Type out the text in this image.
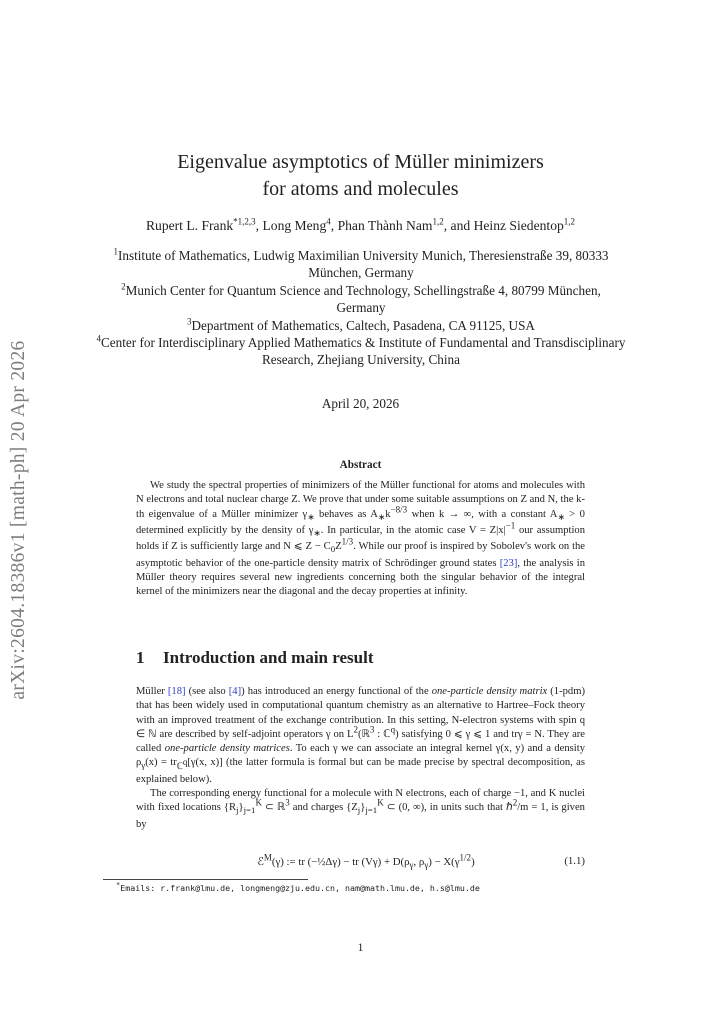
arXiv:2604.18386v1 [math-ph] 20 Apr 2026
Eigenvalue asymptotics of Müller minimizers
for atoms and molecules
Rupert L. Frank$^{*1,2,3}$, Long Meng$^4$, Phan Thành Nam$^{1,2}$, and Heinz Siedentop$^{1,2}$
$^1$Institute of Mathematics, Ludwig Maximilian University Munich, Theresienstraße 39, 80333 München, Germany
$^2$Munich Center for Quantum Science and Technology, Schellingstraße 4, 80799 München, Germany
$^3$Department of Mathematics, Caltech, Pasadena, CA 91125, USA
$^4$Center for Interdisciplinary Applied Mathematics & Institute of Fundamental and Transdisciplinary Research, Zhejiang University, China
April 20, 2026
Abstract
We study the spectral properties of minimizers of the Müller functional for atoms and molecules with N electrons and total nuclear charge Z. We prove that under some suitable assumptions on Z and N, the k-th eigenvalue of a Müller minimizer $\gamma_∗$ behaves as $A_∗k^{-8/3}$ when k → ∞, with a constant $A_∗ > 0$ determined explicitly by the density of $\gamma_∗$. In particular, in the atomic case $V = Z|x|^{-1}$ our assumption holds if Z is sufficiently large and N ⩽ $Z - C_0Z^{1/3}$. While our proof is inspired by Sobolev's work on the asymptotic behavior of the one-particle density matrix of Schrödinger ground states [23], the analysis in Müller theory requires several new ingredients concerning both the singular behavior of the integral kernel of the minimizers near the diagonal and the decay properties at infinity.
1 Introduction and main result

Müller [18] (see also [4]) has introduced an energy functional of the one-particle density matrix (1-pdm) that has been widely used in computational quantum chemistry as an alternative to Hartree–Fock theory with an improved treatment of the exchange contribution. In this setting, N-electron systems with spin q ∈ ℕ are described by self-adjoint operators γ on $L^2(ℝ^3$ : ℂ$^q$) satisfying 0 ⩽ γ ⩽ 1 and trγ = N. They are called one-particle density matrices. To each γ we can associate an integral kernel γ(x, y) and a density $\rho_\gamma(x) = tr_{ℂ^q}[\gamma(x$, x)] (the latter formula is formal but can be made precise by spectral decomposition, as explained below).

The corresponding energy functional for a molecule with N electrons, each of charge −1, and K nuclei with fixed locations $\{R_j\}_{j=1}^K$ ⊂ ℝ$^3$ and charges $\{Z_j\}_{j=1}^K$ ⊂ (0, ∞), in units such that ℏ$^2$/m = 1, is given by

ℰ$^M$(γ) := tr (−½Δγ) − tr $(V\gamma) + D(\rho_\gamma$, $\rho_\gamma) - X(\gamma^{1/2})$	(1.1)
*Emails: r.frank@lmu.de, longmeng@zju.edu.cn, nam@math.lmu.de, h.s@lmu.de
1
